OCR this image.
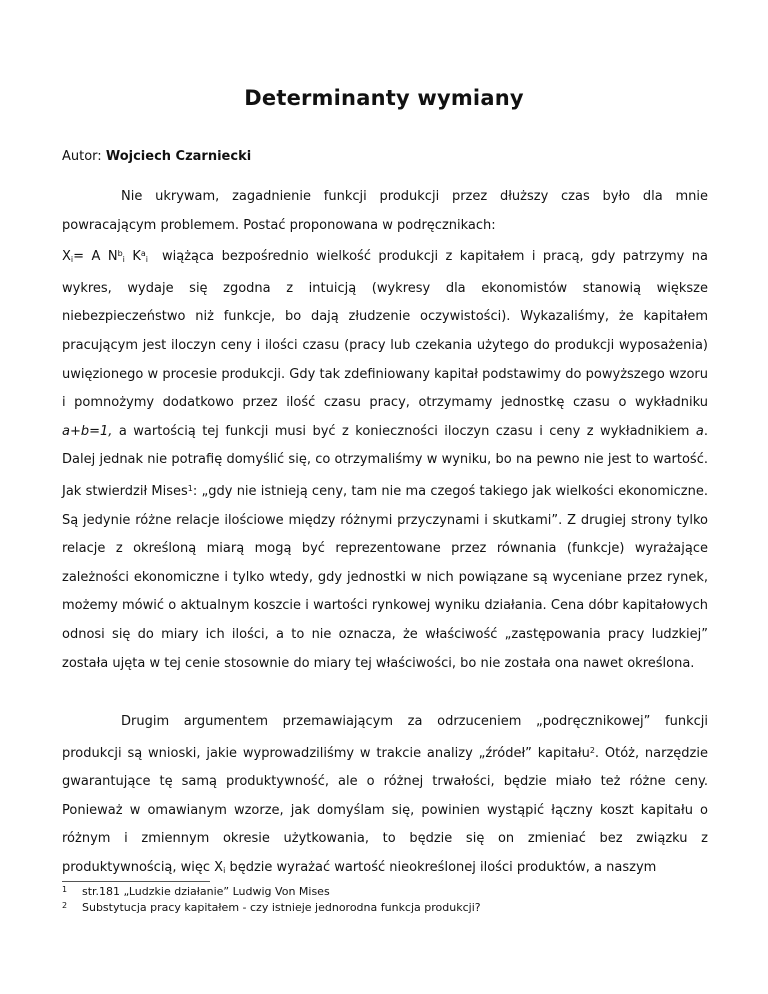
Determinanty wymiany
Autor: Wojciech Czarniecki

Nie ukrywam, zagadnienie funkcji produkcji przez dłuższy czas było dla mnie powracającym problemem. Postać proponowana w podręcznikach:
$X_i= A$ $N^b_i$ $K^a_i$ wiążąca bezpośrednio wielkość produkcji z kapitałem i pracą, gdy patrzymy na wykres, wydaje się zgodna z intuicją (wykresy dla ekonomistów stanowią większe niebezpieczeństwo niż funkcje, bo dają złudzenie oczywistości). Wykazaliśmy, że kapitałem pracującym jest iloczyn ceny i ilości czasu (pracy lub czekania użytego do produkcji wyposażenia) uwięzionego w procesie produkcji. Gdy tak zdefiniowany kapitał podstawimy do powyższego wzoru i pomnożymy dodatkowo przez ilość czasu pracy, otrzymamy jednostkę czasu o wykładniku a+b=1, a wartością tej funkcji musi być z konieczności iloczyn czasu i ceny z wykładnikiem a. Dalej jednak nie potrafię domyślić się, co otrzymaliśmy w wyniku, bo na pewno nie jest to wartość. Jak stwierdził Mises$^1$: „gdy nie istnieją ceny, tam nie ma czegoś takiego jak wielkości ekonomiczne. Są jedynie różne relacje ilościowe między różnymi przyczynami i skutkami”. Z drugiej strony tylko relacje z określoną miarą mogą być reprezentowane przez równania (funkcje) wyrażające zależności ekonomiczne i tylko wtedy, gdy jednostki w nich powiązane są wyceniane przez rynek, możemy mówić o aktualnym koszcie i wartości rynkowej wyniku działania. Cena dóbr kapitałowych odnosi się do miary ich ilości, a to nie oznacza, że właściwość „zastępowania pracy ludzkiej” została ujęta w tej cenie stosownie do miary tej właściwości, bo nie została ona nawet określona.

Drugim argumentem przemawiającym za odrzuceniem „podręcznikowej” funkcji produkcji są wnioski, jakie wyprowadziliśmy w trakcie analizy „źródeł” kapitału$^2$. Otóż, narzędzie gwarantujące tę samą produktywność, ale o różnej trwałości, będzie miało też różne ceny. Ponieważ w omawianym wzorze, jak domyślam się, powinien wystąpić łączny koszt kapitału o różnym i zmiennym okresie użytkowania, to będzie się on zmieniać bez związku z produktywnością, więc $X_i$ będzie wyrażać wartość nieokreślonej ilości produktów, a naszym

1 str.181 „Ludzkie działanie” Ludwig Von Mises
2 Substytucja pracy kapitałem - czy istnieje jednorodna funkcja produkcji?
